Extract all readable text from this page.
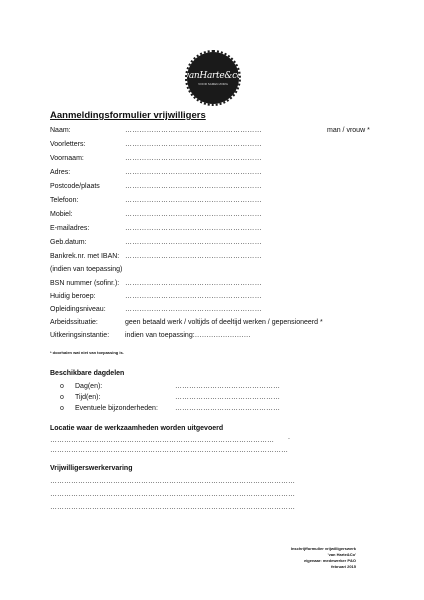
vanHarte&co
VOOR SAMEN ZORG
Aanmeldingsformulier vrijwilligers
Naam:	…………………………………………………	man / vrouw *
Voorletters:	…………………………………………………
Voornaam:	…………………………………………………
Adres:	…………………………………………………
Postcode/plaats	…………………………………………………
Telefoon:	…………………………………………………
Mobiel:	…………………………………………………
E-mailadres:	…………………………………………………
Geb.datum:	…………………………………………………
Bankrek.nr. met IBAN: …………………………………………………
(indien van toepassing)
BSN nummer (sofinr.): …………………………………………………
Huidig beroep:	…………………………………………………
Opleidingsniveau:	…………………………………………………
Arbeidssituatie:	geen betaald werk / voltijds of deeltijd werken / gepensioneerd *
Uitkeringsinstantie: indien van toepassing:……………………
* doorhalen wat niet van toepassing is.
Beschikbare dagdelen
o Dag(en):	………………………………………
o Tijd(en):	………………………………………
o Eventuele bijzonderheden: ………………………………………
Locatie waar de werkzaamheden worden uitgevoerd
…………………………………………………………………………………… .
…………………………………………………………………………………………
Vrijwilligerswerkervaring
……………………………………………………………………………………………
……………………………………………………………………………………………
……………………………………………………………………………………………
Inschrijfformulier vrijwilligerswerk
'van Harte&Co'
eigenaar: medewerker P&O
februari 2015
